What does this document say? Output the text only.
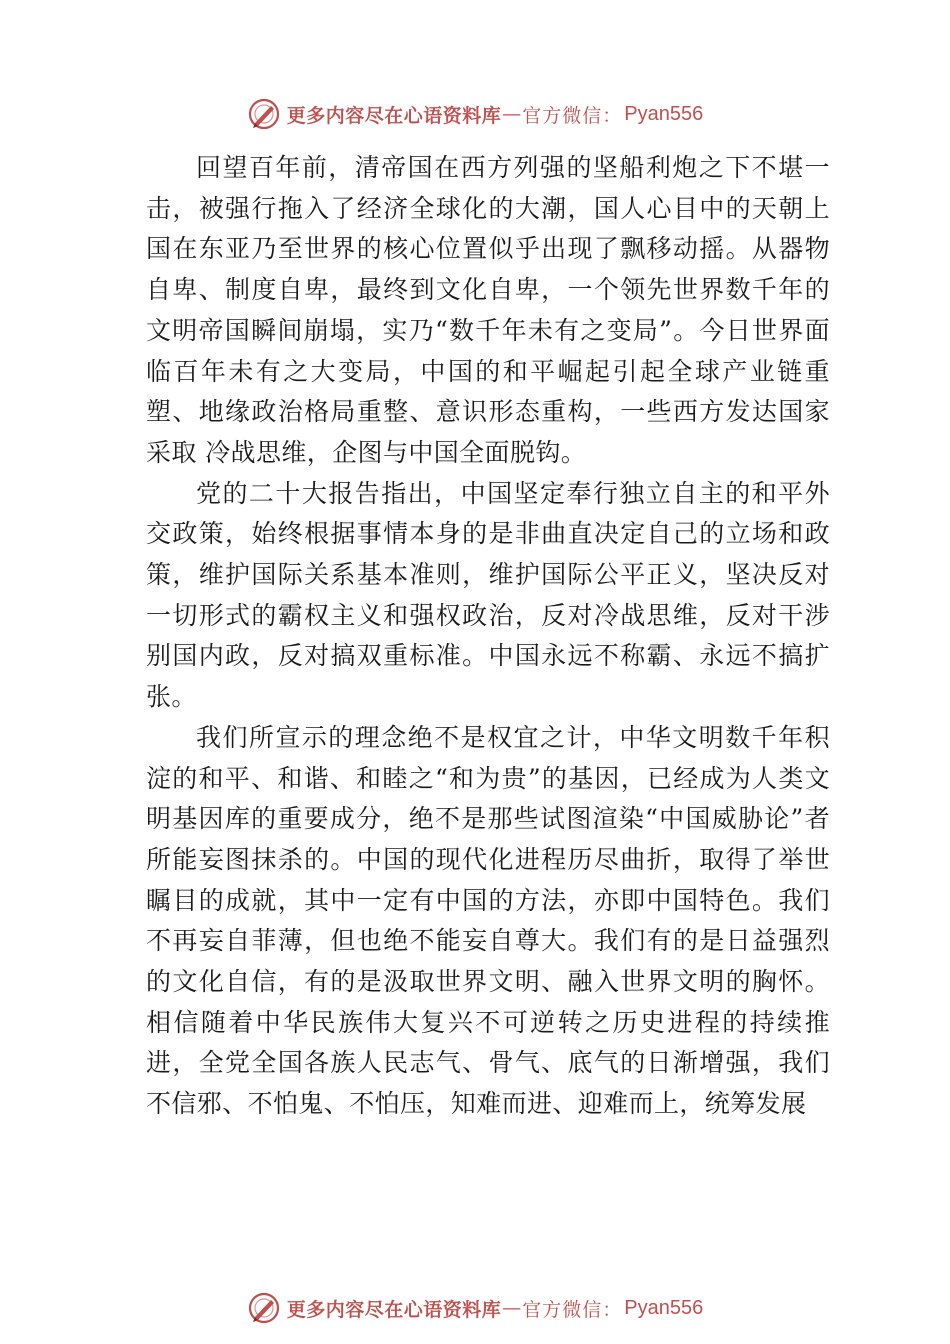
更多内容尽在心语资料库 — 官方微信： Pyan556

回望百年前，清帝国在西方列强的坚船利炮之下不堪一击，被强行拖入了经济全球化的大潮，国人心目中的天朝上国在东亚乃至世界的核心位置似乎出现了飘移动摇。从器物自卑、制度自卑，最终到文化自卑，一个领先世界数千年的文明帝国瞬间崩塌，实乃“数千年未有之变局”。今日世界面 临百年未有之大变局，中国的和平崛起引起全球产业链重塑、地缘政治格局重整、意识形态重构，一些西方发达国家采取 冷战思维，企图与中国全面脱钩。

党的二十大报告指出，中国坚定奉行独立自主的和平外交政策，始终根据事情本身的是非曲直决定自己的立场和政策，维护国际关系基本准则，维护国际公平正义，坚决反对一切形式的霸权主义和强权政治，反对冷战思维，反对干涉别国内政，反对搞双重标准。中国永远不称霸、永远不搞扩张。

我们所宣示的理念绝不是权宜之计，中华文明数千年积淀的和平、和谐、和睦之“和为贵”的基因，已经成为人类文明基因库的重要成分，绝不是那些试图渲染“中国威胁论”者所能妄图抹杀的。中国的现代化进程历尽曲折，取得了举世瞩目的成就，其中一定有中国的方法，亦即中国特色。我们不再妄自菲薄，但也绝不能妄自尊大。我们有的是日益强烈的文化自信，有的是汲取世界文明、融入世界文明的胸怀。相信随着中华民族伟大复兴不可逆转之历史进程的持续推进，全党全国各族人民志气、骨气、底气的日渐增强，我们不信邪、不怕鬼、不怕压，知难而进、迎难而上，统筹发展

更多内容尽在心语资料库 — 官方微信： Pyan556
